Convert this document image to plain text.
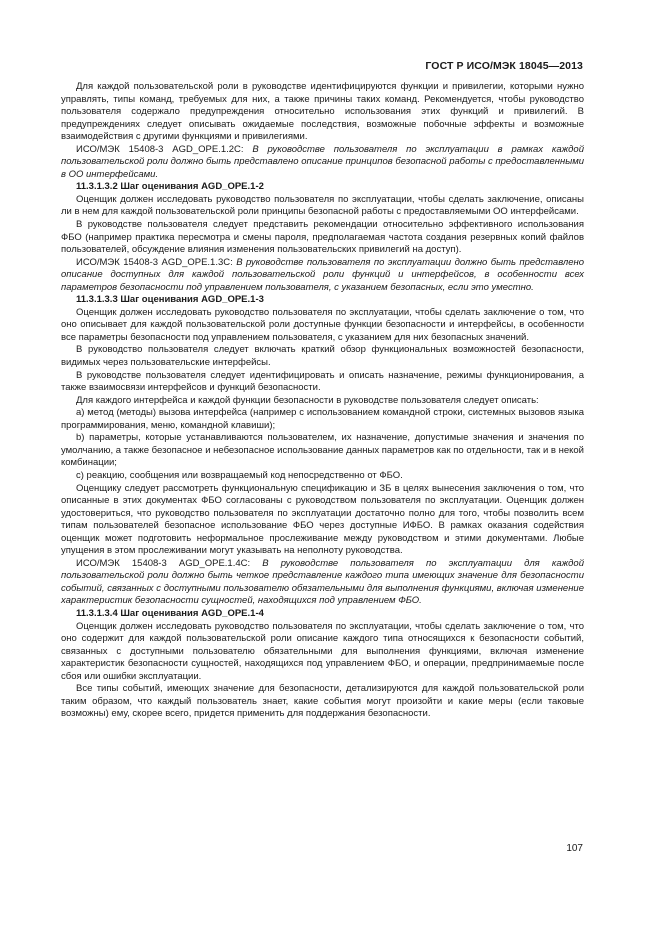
ГОСТ Р ИСО/МЭК 18045—2013

Для каждой пользовательской роли в руководстве идентифицируются функции и привилегии, которыми нужно управлять, типы команд, требуемых для них, а также причины таких команд. Рекомендуется, чтобы руководство пользователя содержало предупреждения относительно использования этих функций и привилегий. В предупреждениях следует описывать ожидаемые последствия, возможные побочные эффекты и возможные взаимодействия с другими функциями и привилегиями.

ИСО/МЭК 15408-3 AGD_OPE.1.2C: В руководстве пользователя по эксплуатации в рамках каждой пользовательской роли должно быть представлено описание принципов безопасной работы с предоставленными в ОО интерфейсами.

11.3.1.3.2 Шаг оценивания AGD_OPE.1-2

Оценщик должен исследовать руководство пользователя по эксплуатации, чтобы сделать заключение, описаны ли в нем для каждой пользовательской роли принципы безопасной работы с предоставляемыми ОО интерфейсами.

В руководстве пользователя следует представить рекомендации относительно эффективного использования ФБО (например практика пересмотра и смены пароля, предполагаемая частота создания резервных копий файлов пользователей, обсуждение влияния изменения пользовательских привилегий на доступ).

ИСО/МЭК 15408-3 AGD_OPE.1.3C: В руководстве пользователя по эксплуатации должно быть представлено описание доступных для каждой пользовательской роли функций и интерфейсов, в особенности всех параметров безопасности под управлением пользователя, с указанием безопасных, если это уместно.

11.3.1.3.3 Шаг оценивания AGD_OPE.1-3

Оценщик должен исследовать руководство пользователя по эксплуатации, чтобы сделать заключение о том, что оно описывает для каждой пользовательской роли доступные функции безопасности и интерфейсы, в особенности все параметры безопасности под управлением пользователя, с указанием для них безопасных значений.

В руководство пользователя следует включать краткий обзор функциональных возможностей безопасности, видимых через пользовательские интерфейсы.

В руководстве пользователя следует идентифицировать и описать назначение, режимы функционирования, а также взаимосвязи интерфейсов и функций безопасности.

Для каждого интерфейса и каждой функции безопасности в руководстве пользователя следует описать:

a) метод (методы) вызова интерфейса (например с использованием командной строки, системных вызовов языка программирования, меню, командной клавиши);

b) параметры, которые устанавливаются пользователем, их назначение, допустимые значения и значения по умолчанию, а также безопасное и небезопасное использование данных параметров как по отдельности, так и в некой комбинации;

c) реакцию, сообщения или возвращаемый код непосредственно от ФБО.

Оценщику следует рассмотреть функциональную спецификацию и ЗБ в целях вынесения заключения о том, что описанные в этих документах ФБО согласованы с руководством пользователя по эксплуатации. Оценщик должен удостовериться, что руководство пользователя по эксплуатации достаточно полно для того, чтобы позволить всем типам пользователей безопасное использование ФБО через доступные ИФБО. В рамках оказания содействия оценщик может подготовить неформальное прослеживание между руководством и этими документами. Любые упущения в этом прослеживании могут указывать на неполноту руководства.

ИСО/МЭК 15408-3 AGD_OPE.1.4C: В руководстве пользователя по эксплуатации для каждой пользовательской роли должно быть четкое представление каждого типа имеющих значение для безопасности событий, связанных с доступными пользователю обязательными для выполнения функциями, включая изменение характеристик безопасности сущностей, находящихся под управлением ФБО.

11.3.1.3.4 Шаг оценивания AGD_OPE.1-4

Оценщик должен исследовать руководство пользователя по эксплуатации, чтобы сделать заключение о том, что оно содержит для каждой пользовательской роли описание каждого типа относящихся к безопасности событий, связанных с доступными пользователю обязательными для выполнения функциями, включая изменение характеристик безопасности сущностей, находящихся под управлением ФБО, и операции, предпринимаемые после сбоя или ошибки эксплуатации.

Все типы событий, имеющих значение для безопасности, детализируются для каждой пользовательской роли таким образом, что каждый пользователь знает, какие события могут произойти и какие меры (если таковые возможны) ему, скорее всего, придется применить для поддержания безопасности.

107
